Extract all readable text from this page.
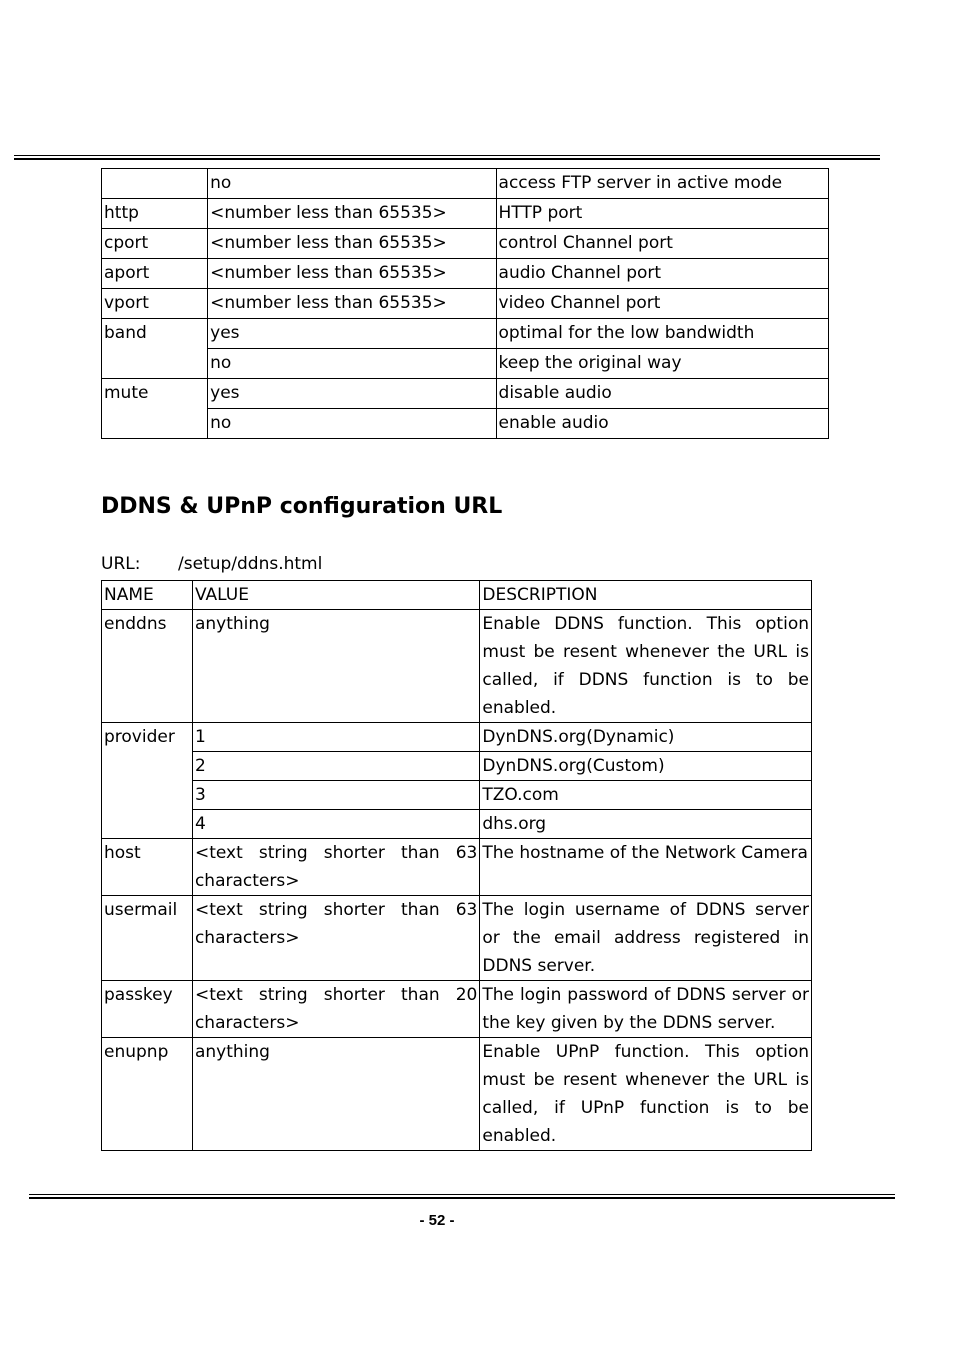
	no	access FTP server in active mode
http	<number less than 65535>	HTTP port
cport	<number less than 65535>	control Channel port
aport	<number less than 65535>	audio Channel port
vport	<number less than 65535>	video Channel port
band	yes	optimal for the low bandwidth
	no	keep the original way
mute	yes	disable audio
	no	enable audio
DDNS & UPnP configuration URL
URL: /setup/ddns.html
NAME	VALUE	DESCRIPTION
enddns	anything	Enable DDNS function. This option must be resent whenever the URL is called, if DDNS function is to be enabled.
provider	1	DynDNS.org(Dynamic)
	2	DynDNS.org(Custom)
	3	TZO.com
	4	dhs.org
host	<text string shorter than 63 characters>	The hostname of the Network Camera
usermail	<text string shorter than 63 characters>	The login username of DDNS server or the email address registered in DDNS server.
passkey	<text string shorter than 20 characters>	The login password of DDNS server or the key given by the DDNS server.
enupnp	anything	Enable UPnP function. This option must be resent whenever the URL is called, if UPnP function is to be enabled.
- 52 -
